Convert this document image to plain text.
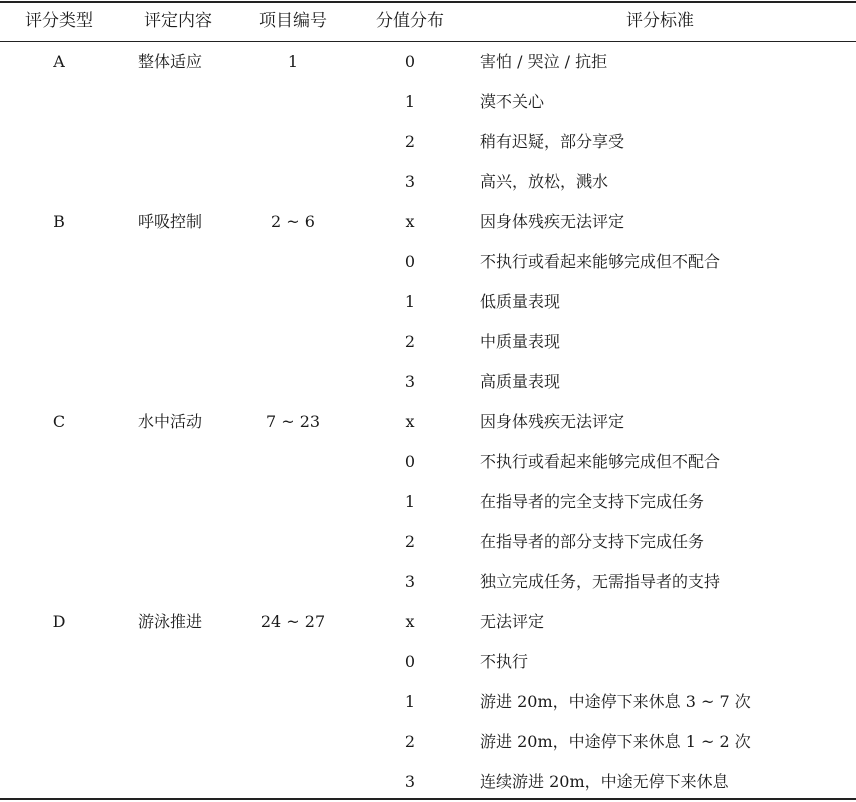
评分类型	评定内容	项目编号	分值分布	评分标准
A	整体适应	1	0	害怕 / 哭泣 / 抗拒
1	漠不关心
2	稍有迟疑，部分享受
3	高兴，放松，溅水
B	呼吸控制	2 ~ 6	x	因身体残疾无法评定
0	不执行或看起来能够完成但不配合
1	低质量表现
2	中质量表现
3	高质量表现
C	水中活动	7 ~ 23	x	因身体残疾无法评定
0	不执行或看起来能够完成但不配合
1	在指导者的完全支持下完成任务
2	在指导者的部分支持下完成任务
3	独立完成任务，无需指导者的支持
D	游泳推进	24 ~ 27	x	无法评定
0	不执行
1	游进 20m，中途停下来休息 3 ~ 7 次
2	游进 20m，中途停下来休息 1 ~ 2 次
3	连续游进 20m，中途无停下来休息
